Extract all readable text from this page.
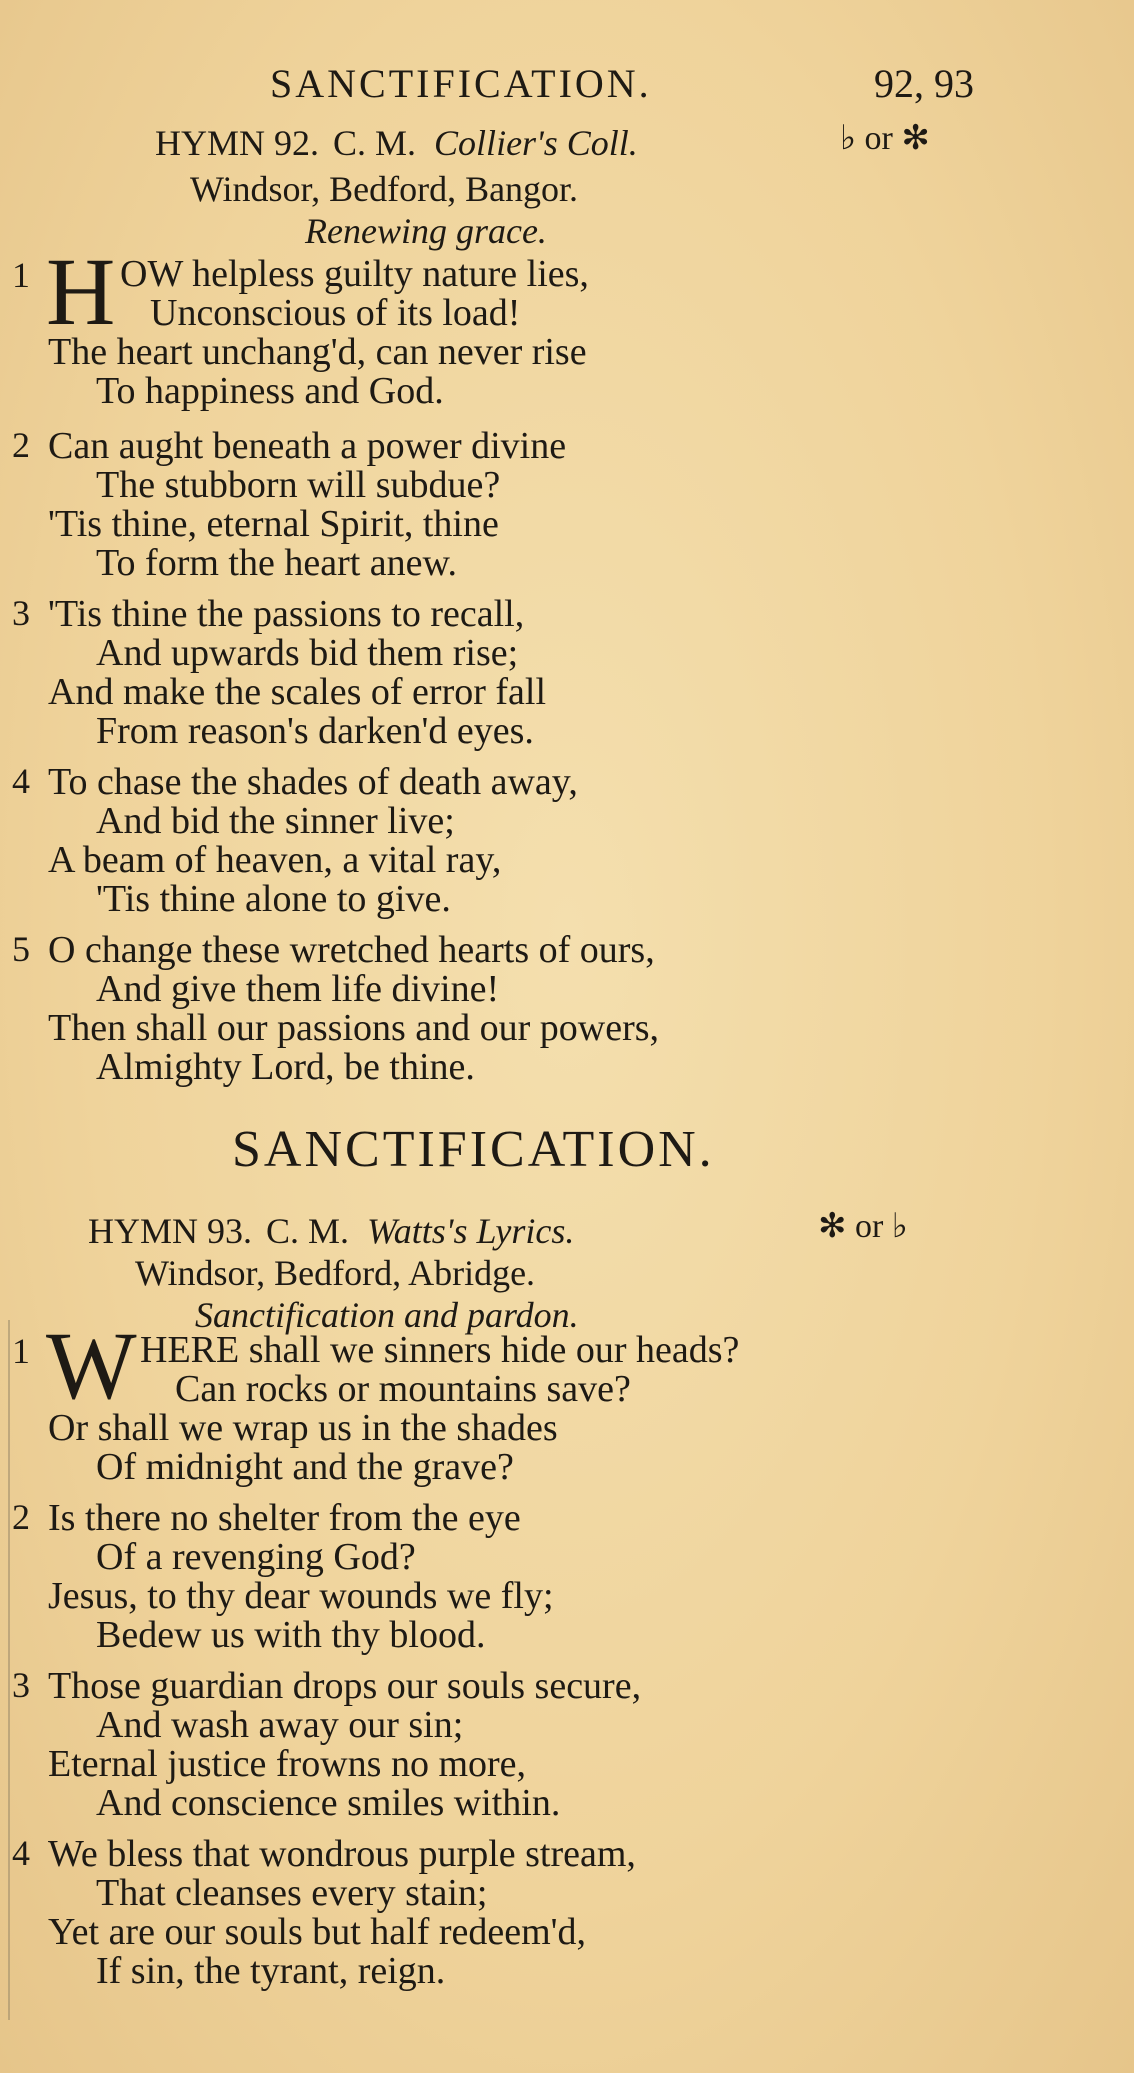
SANCTIFICATION.	92, 93
HYMN 92. C. M. Collier's Coll.	♭ or ✻
Windsor, Bedford, Bangor.
Renewing grace.
1 H OW helpless guilty nature lies,
Unconscious of its load!
The heart unchang'd, can never rise
To happiness and God.
2 Can aught beneath a power divine
The stubborn will subdue?
'Tis thine, eternal Spirit, thine
To form the heart anew.
3 'Tis thine the passions to recall,
And upwards bid them rise;
And make the scales of error fall
From reason's darken'd eyes.
4 To chase the shades of death away,
And bid the sinner live;
A beam of heaven, a vital ray,
'Tis thine alone to give.
5 O change these wretched hearts of ours,
And give them life divine!
Then shall our passions and our powers,
Almighty Lord, be thine.
SANCTIFICATION.
HYMN 93. C. M. Watts's Lyrics.	✻ or ♭
Windsor, Bedford, Abridge.
Sanctification and pardon.
1 W HERE shall we sinners hide our heads?
Can rocks or mountains save?
Or shall we wrap us in the shades
Of midnight and the grave?
2 Is there no shelter from the eye
Of a revenging God?
Jesus, to thy dear wounds we fly;
Bedew us with thy blood.
3 Those guardian drops our souls secure,
And wash away our sin;
Eternal justice frowns no more,
And conscience smiles within.
4 We bless that wondrous purple stream,
That cleanses every stain;
Yet are our souls but half redeem'd,
If sin, the tyrant, reign.
